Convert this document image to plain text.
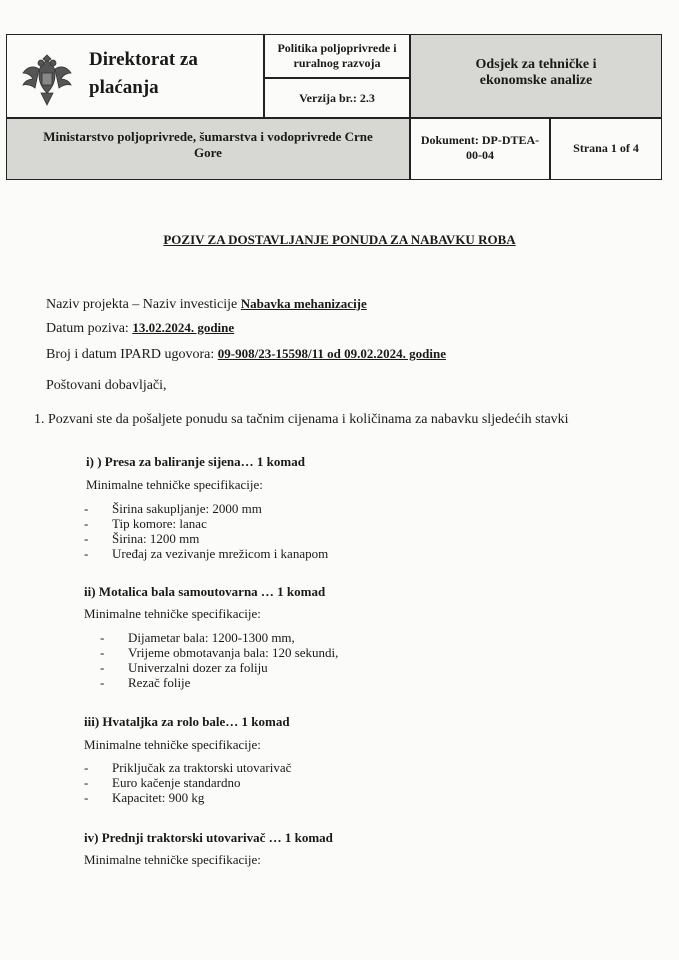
Direktorat za
plaćanja
Politika poljoprivrede i
ruralnog razvoja
Verzija br.: 2.3
Odsjek za tehničke i
ekonomske analize
Ministarstvo poljoprivrede, šumarstva i vodoprivrede Crne
Gore
Dokument: DP-DTEA-
00-04	Strana 1 of 4
POZIV ZA DOSTAVLJANJE PONUDA ZA NABAVKU ROBA
Naziv projekta – Naziv investicije Nabavka mehanizacije
Datum poziva: 13.02.2024. godine
Broj i datum IPARD ugovora: 09-908/23-15598/11 od 09.02.2024. godine
Poštovani dobavljači,
1. Pozvani ste da pošaljete ponudu sa tačnim cijenama i količinama za nabavku sljedećih stavki
i) ) Presa za baliranje sijena… 1 komad
Minimalne tehničke specifikacije:
- Širina sakupljanje: 2000 mm
- Tip komore: lanac
- Širina: 1200 mm
- Uređaj za vezivanje mrežicom i kanapom
ii) Motalica bala samoutovarna … 1 komad
Minimalne tehničke specifikacije:
- Dijametar bala: 1200-1300 mm,
- Vrijeme obmotavanja bala: 120 sekundi,
- Univerzalni dozer za foliju
- Rezač folije
iii) Hvataljka za rolo bale… 1 komad
Minimalne tehničke specifikacije:
- Priključak za traktorski utovarivač
- Euro kačenje standardno
- Kapacitet: 900 kg
iv) Prednji traktorski utovarivač … 1 komad
Minimalne tehničke specifikacije:
